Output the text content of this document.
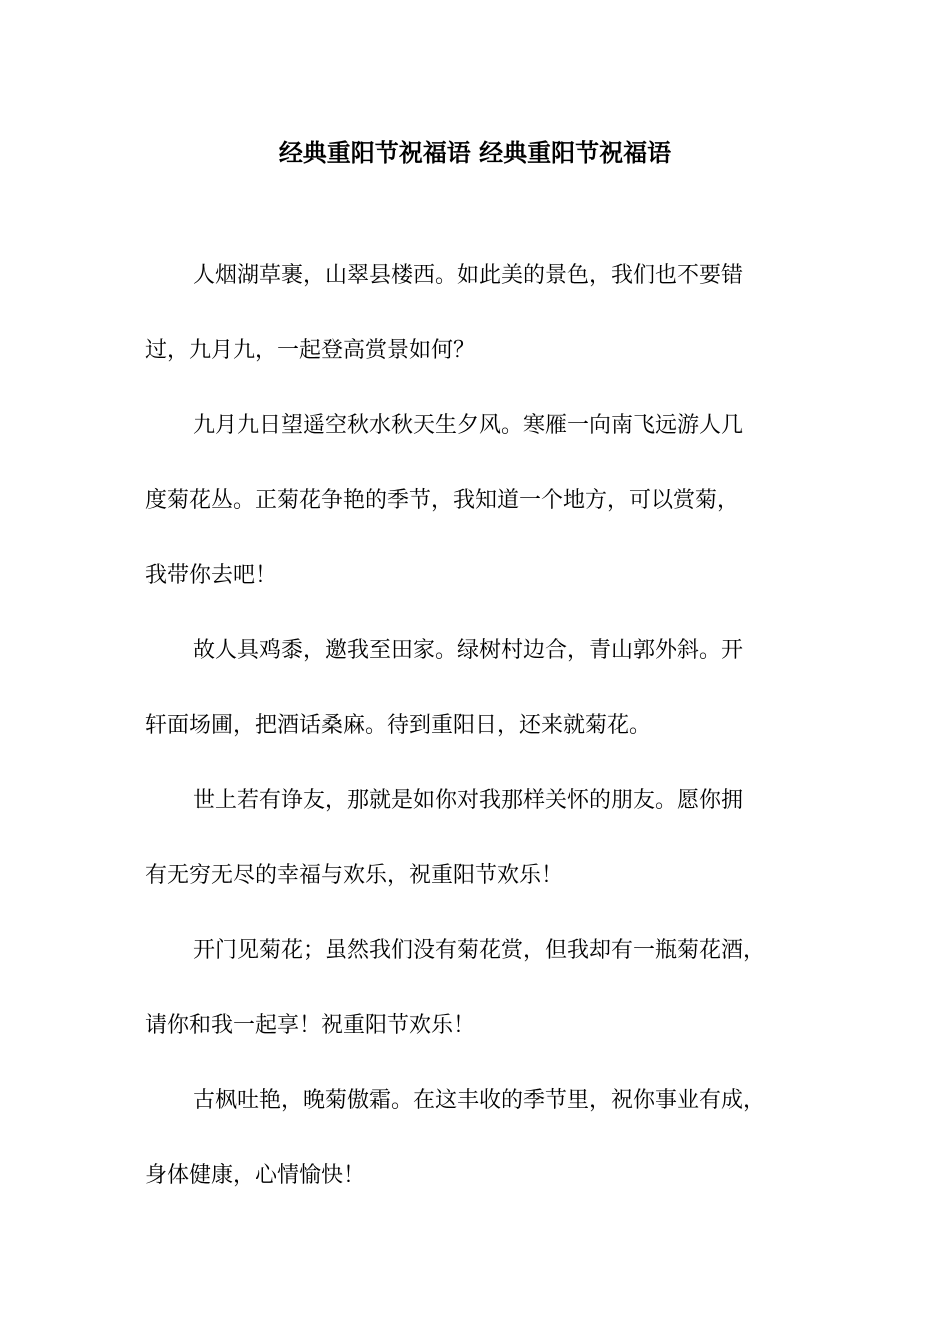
经典重阳节祝福语 经典重阳节祝福语
人烟湖草裹，山翠县楼西。如此美的景色，我们也不要错
过，九月九，一起登高赏景如何？
九月九日望遥空秋水秋天生夕风。寒雁一向南飞远游人几
度菊花丛。正菊花争艳的季节，我知道一个地方，可以赏菊，
我带你去吧！
故人具鸡黍，邀我至田家。绿树村边合，青山郭外斜。开
轩面场圃，把酒话桑麻。待到重阳日，还来就菊花。
世上若有诤友，那就是如你对我那样关怀的朋友。愿你拥
有无穷无尽的幸福与欢乐，祝重阳节欢乐！
开门见菊花；虽然我们没有菊花赏，但我却有一瓶菊花酒，
请你和我一起享！祝重阳节欢乐！
古枫吐艳，晚菊傲霜。在这丰收的季节里，祝你事业有成，
身体健康，心情愉快！
